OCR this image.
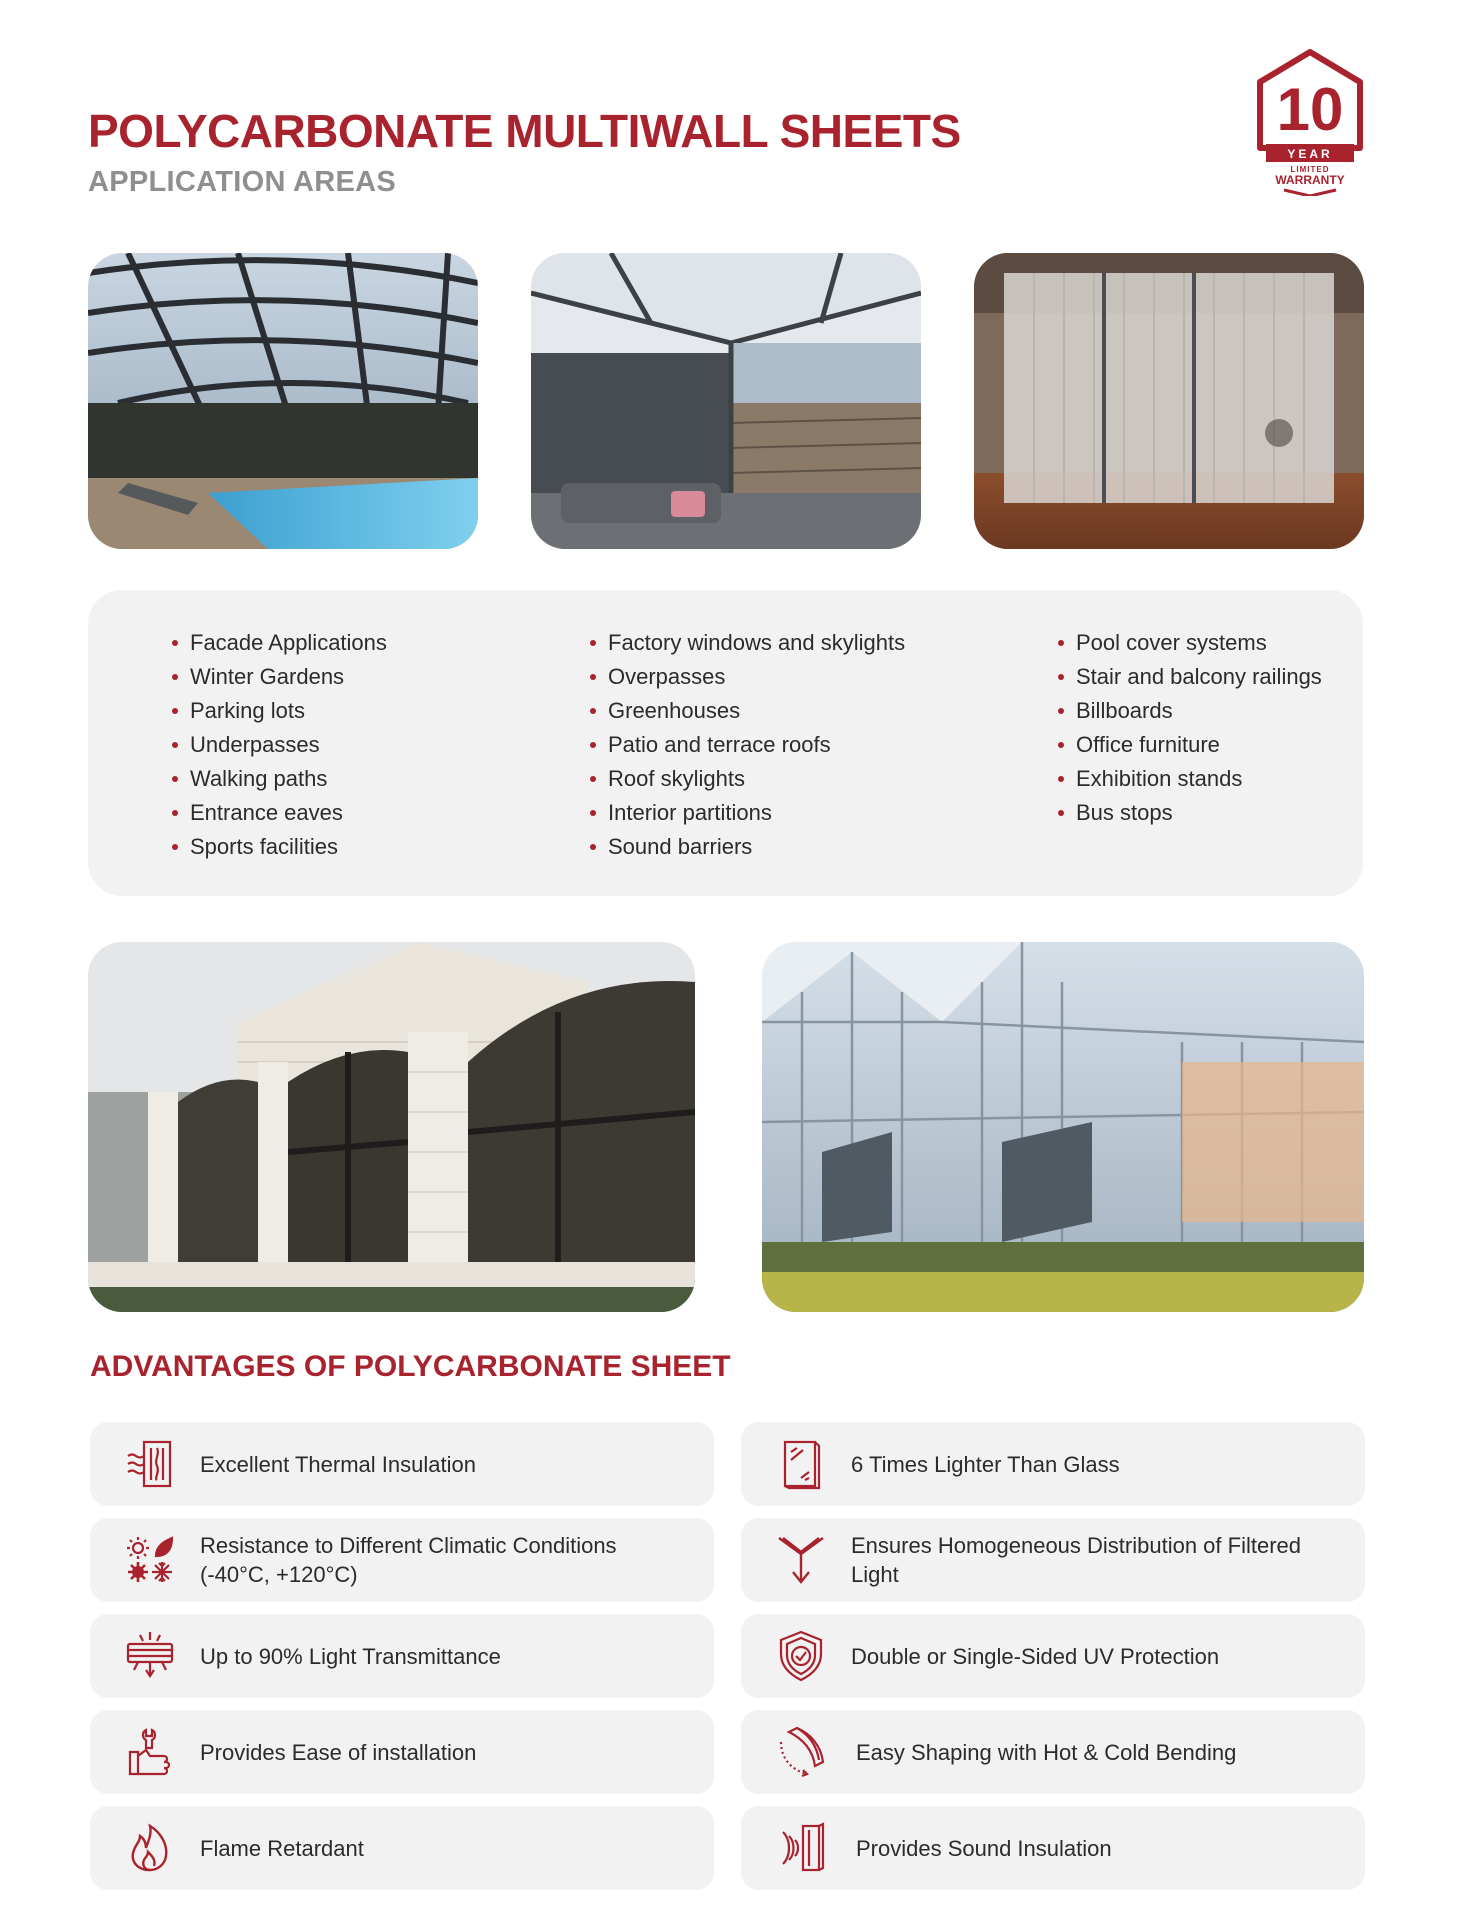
POLYCARBONATE MULTIWALL SHEETS
APPLICATION AREAS
10
YEAR
LIMITED
WARRANTY
Facade Applications
Winter Gardens
Parking lots
Underpasses
Walking paths
Entrance eaves
Sports facilities
Factory windows and skylights
Overpasses
Greenhouses
Patio and terrace roofs
Roof skylights
Interior partitions
Sound barriers
Pool cover systems
Stair and balcony railings
Billboards
Office furniture
Exhibition stands
Bus stops
ADVANTAGES OF POLYCARBONATE SHEET
Excellent Thermal Insulation
Resistance to Different Climatic Conditions (-40°C, +120°C)
Up to 90% Light Transmittance
Provides Ease of installation
Flame Retardant
6 Times Lighter Than Glass
Ensures Homogeneous Distribution of Filtered Light
Double or Single-Sided UV Protection
Easy Shaping with Hot & Cold Bending
Provides Sound Insulation
